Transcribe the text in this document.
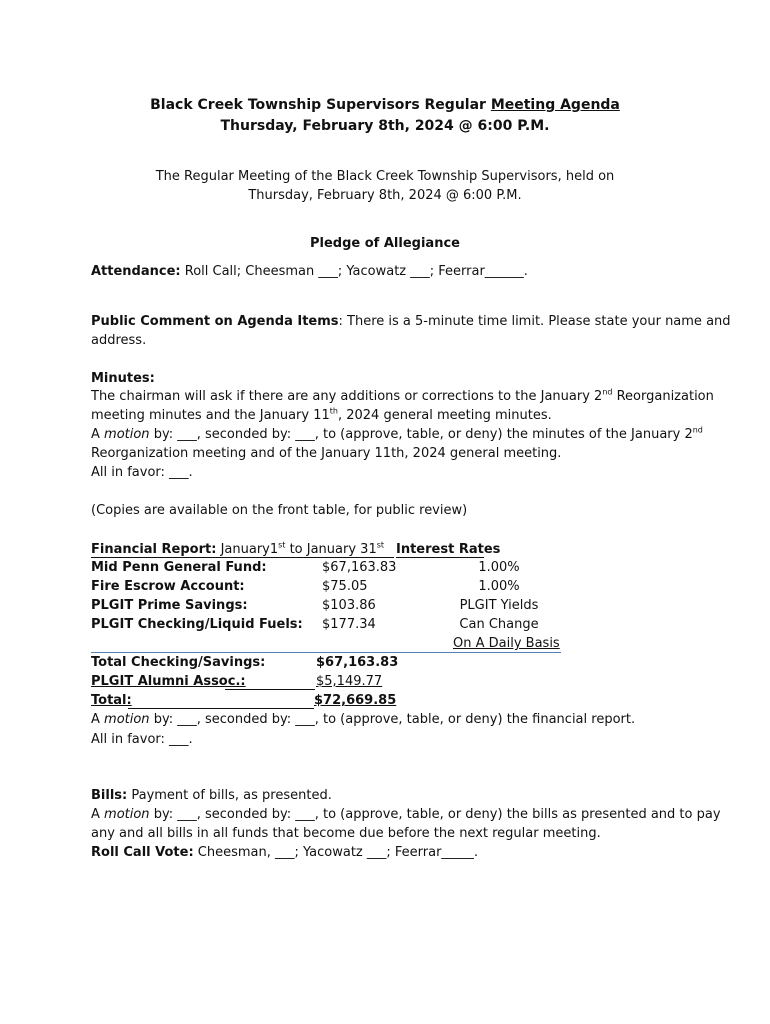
Black Creek Township Supervisors Regular Meeting Agenda
Thursday, February 8th, 2024 @ 6:00 P.M.
The Regular Meeting of the Black Creek Township Supervisors, held on
Thursday, February 8th, 2024 @ 6:00 P.M.
Pledge of Allegiance
Attendance: Roll Call; Cheesman ___; Yacowatz ___; Feerrar______.
Public Comment on Agenda Items: There is a 5-minute time limit. Please state your name and
address.
Minutes:
The chairman will ask if there are any additions or corrections to the January 2nd Reorganization
meeting minutes and the January 11th, 2024 general meeting minutes.
A motion by: ___, seconded by: ___, to (approve, table, or deny) the minutes of the January 2nd
Reorganization meeting and of the January 11th, 2024 general meeting.
All in favor: ___.
(Copies are available on the front table, for public review)
Financial Report: January1st to January 31st Interest Rates
Mid Penn General Fund:	$67,163.83	1.00%
Fire Escrow Account:	$75.05	1.00%
PLGIT Prime Savings:	$103.86	PLGIT Yields
PLGIT Checking/Liquid Fuels: $177.34	Can Change
On A Daily Basis
Total Checking/Savings:	$67,163.83
PLGIT Alumni Assoc.:	$5,149.77
Total:	$72,669.85
A motion by: ___, seconded by: ___, to (approve, table, or deny) the financial report.
All in favor: ___.
Bills: Payment of bills, as presented.
A motion by: ___, seconded by: ___, to (approve, table, or deny) the bills as presented and to pay
any and all bills in all funds that become due before the next regular meeting.
Roll Call Vote: Cheesman, ___; Yacowatz ___; Feerrar_____.
